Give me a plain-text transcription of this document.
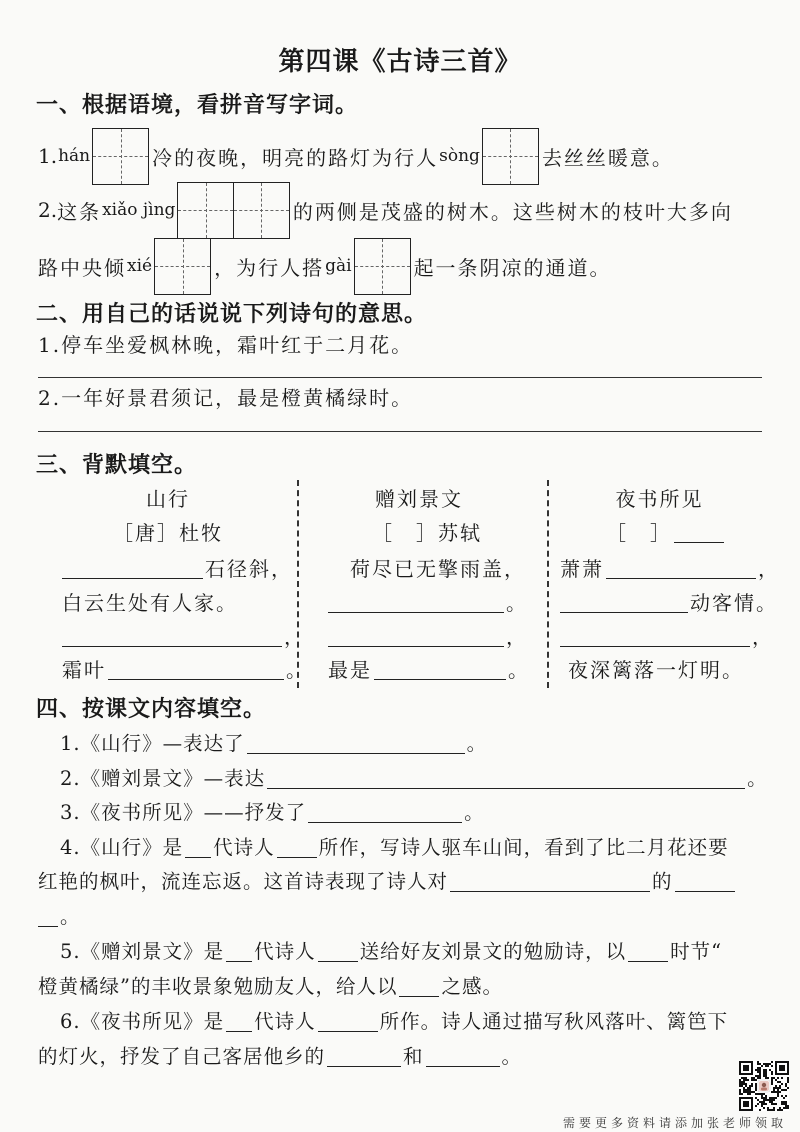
第四课《古诗三首》
一、根据语境，看拼音写字词。
1. hán	冷的夜晚，明亮的路灯为行人 sòng	去丝丝暖意。
2. 这条 xiǎo jìng	的两侧是茂盛的树木。这些树木的枝叶大多向
路中央倾 xié	，为行人搭 gài	起一条阴凉的通道。
二、用自己的话说说下列诗句的意思。
1.停车坐爱枫林晚，霜叶红于二月花。
2.一年好景君须记，最是橙黄橘绿时。
三、背默填空。
山行
［唐］杜牧
石径斜，
白云生处有人家。
，
霜叶	。
赠刘景文
［　］苏轼
荷尽已无擎雨盖，
。
，
最是	。
夜书所见
［　］
萧萧	，
动客情。
，
夜深篱落一灯明。
四、按课文内容填空。
1.《山行》—表达了	。
2.《赠刘景文》—表达	。
3.《夜书所见》——抒发了	。
4.《山行》是 代诗人 所作，写诗人驱车山间，看到了比二月花还要
红艳的枫叶，流连忘返。这首诗表现了诗人对	的
。
5.《赠刘景文》是 代诗人 送给好友刘景文的勉励诗，以 时节“
橙黄橘绿”的丰收景象勉励友人，给人以 之感。
6.《夜书所见》是 代诗人	所作。诗人通过描写秋风落叶、篱笆下
的灯火，抒发了自己客居他乡的	和	。
需要更多资料请添加张老师领取
